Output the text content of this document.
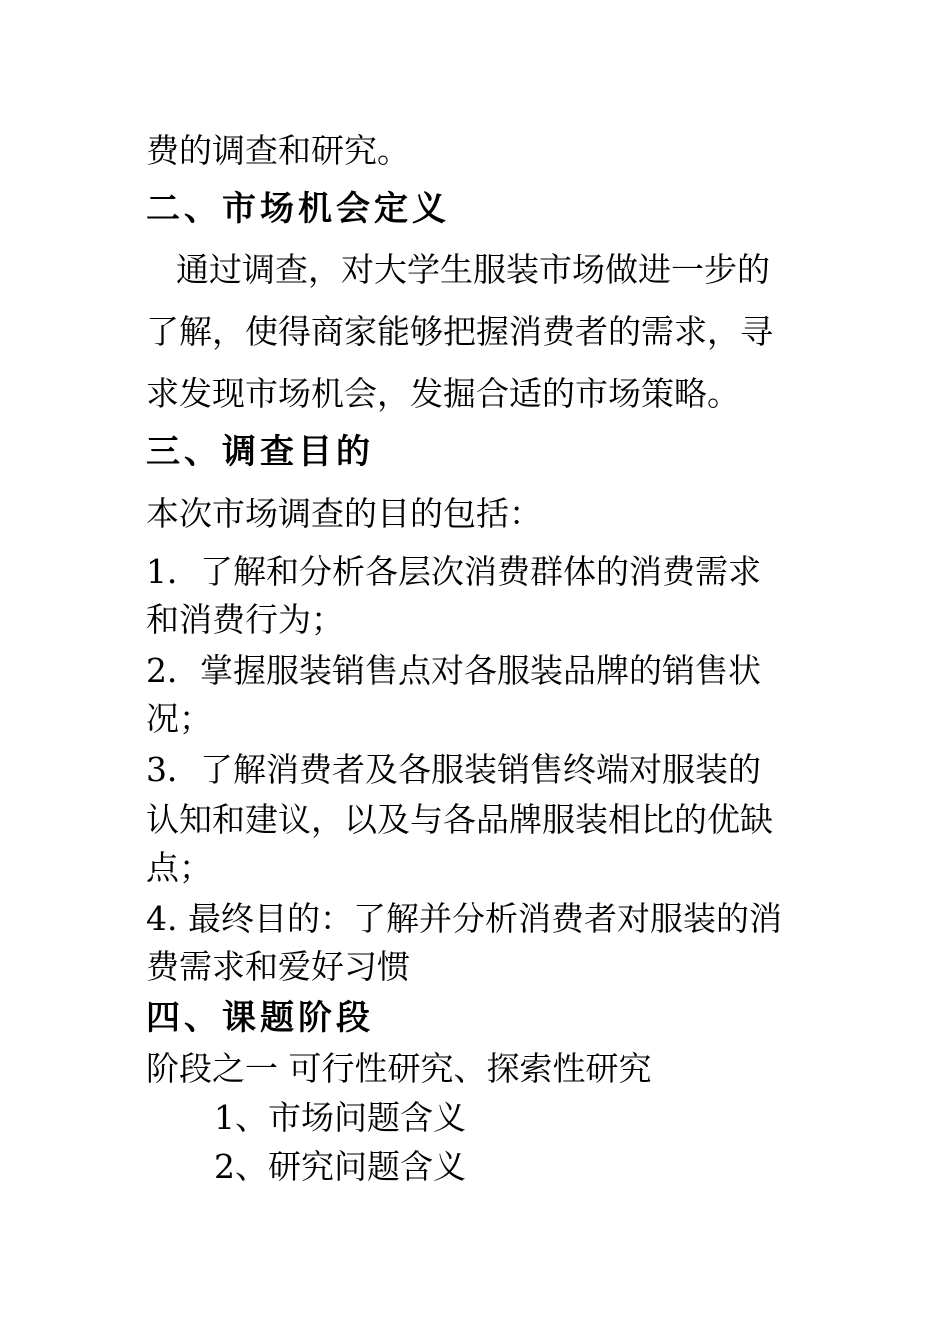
费的调查和研究。
二、市场机会定义
通过调查，对大学生服装市场做进一步的
了解，使得商家能够把握消费者的需求，寻
求发现市场机会，发掘合适的市场策略。
三、调查目的
本次市场调查的目的包括：
1．了解和分析各层次消费群体的消费需求
和消费行为；
2．掌握服装销售点对各服装品牌的销售状
况；
3．了解消费者及各服装销售终端对服装的
认知和建议，以及与各品牌服装相比的优缺
点；
4. 最终目的：了解并分析消费者对服装的消
费需求和爱好习惯
四、课题阶段
阶段之一 可行性研究、探索性研究
1、市场问题含义
2、研究问题含义
